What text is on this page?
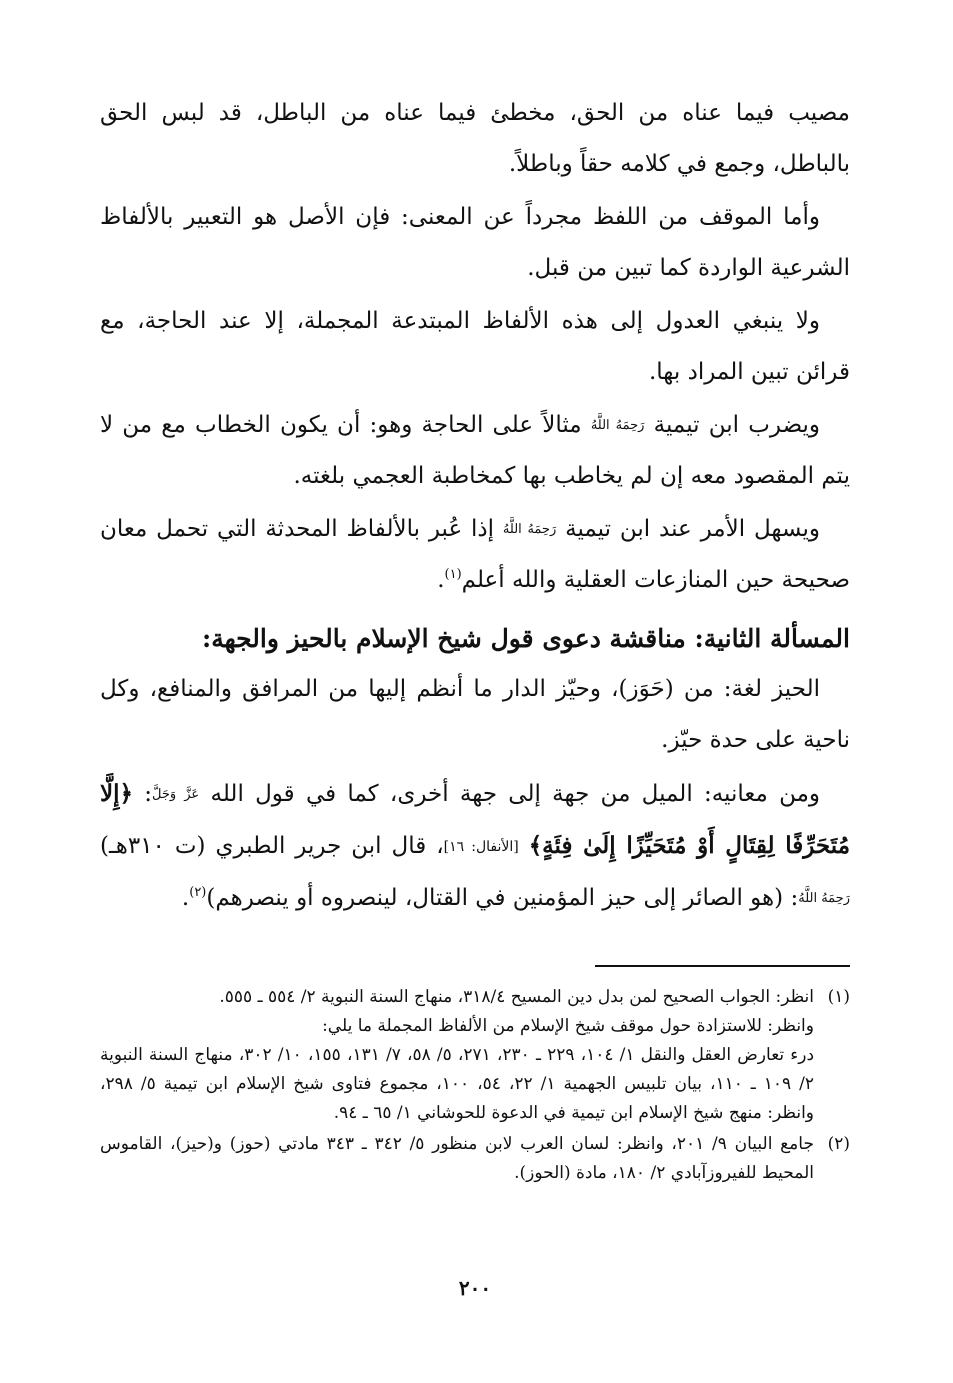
مصيب فيما عناه من الحق، مخطئ فيما عناه من الباطل، قد لبس الحق بالباطل، وجمع في كلامه حقاً وباطلاً.

وأما الموقف من اللفظ مجرداً عن المعنى: فإن الأصل هو التعبير بالألفاظ الشرعية الواردة كما تبين من قبل.

ولا ينبغي العدول إلى هذه الألفاظ المبتدعة المجملة، إلا عند الحاجة، مع قرائن تبين المراد بها.

ويضرب ابن تيمية رَحِمَهُ اللَّهُ مثالاً على الحاجة وهو: أن يكون الخطاب مع من لا يتم المقصود معه إن لم يخاطب بها كمخاطبة العجمي بلغته.

ويسهل الأمر عند ابن تيمية رَحِمَهُ اللَّهُ إذا عُبر بالألفاظ المحدثة التي تحمل معان صحيحة حين المنازعات العقلية والله أعلم$^{(١)}$.

المسألة الثانية: مناقشة دعوى قول شيخ الإسلام بالحيز والجهة:

الحيز لغة: من (حَوَز)، وحيّز الدار ما أنظم إليها من المرافق والمنافع، وكل ناحية على حدة حيّز.

ومن معانيه: الميل من جهة إلى جهة أخرى، كما في قول الله عَزَّ وَجَلَّ: ﴿إِلَّا مُتَحَرِّفًا لِقِتَالٍ أَوْ مُتَحَيِّزًا إِلَىٰ فِئَةٍ﴾ [الأنفال: ١٦]، قال ابن جرير الطبري (ت ٣١٠هـ) رَحِمَهُ اللَّهُ: (هو الصائر إلى حيز المؤمنين في القتال، لينصروه أو ينصرهم)$^{(٢)}$.

(١)
انظر: الجواب الصحيح لمن بدل دين المسيح ٣١٨/٤، منهاج السنة النبوية ٢/ ٥٥٤ ـ ٥٥٥.
وانظر: للاستزادة حول موقف شيخ الإسلام من الألفاظ المجملة ما يلي:
درء تعارض العقل والنقل ١/ ١٠٤، ٢٢٩ ـ ٢٣٠، ٢٧١، ٥/ ٥٨، ٧/ ١٣١، ١٥٥، ١٠/ ٣٠٢، منهاج السنة النبوية ٢/ ١٠٩ ـ ١١٠، بيان تلبيس الجهمية ١/ ٢٢، ٥٤، ١٠٠، مجموع فتاوى شيخ الإسلام ابن تيمية ٥/ ٢٩٨، وانظر: منهج شيخ الإسلام ابن تيمية في الدعوة للحوشاني ١/ ٦٥ ـ ٩٤.
(٢)
جامع البيان ٩/ ٢٠١، وانظر: لسان العرب لابن منظور ٥/ ٣٤٢ ـ ٣٤٣ مادتي (حوز) و(حيز)، القاموس المحيط للفيروزآبادي ٢/ ١٨٠، مادة (الحوز).
٢٠٠
